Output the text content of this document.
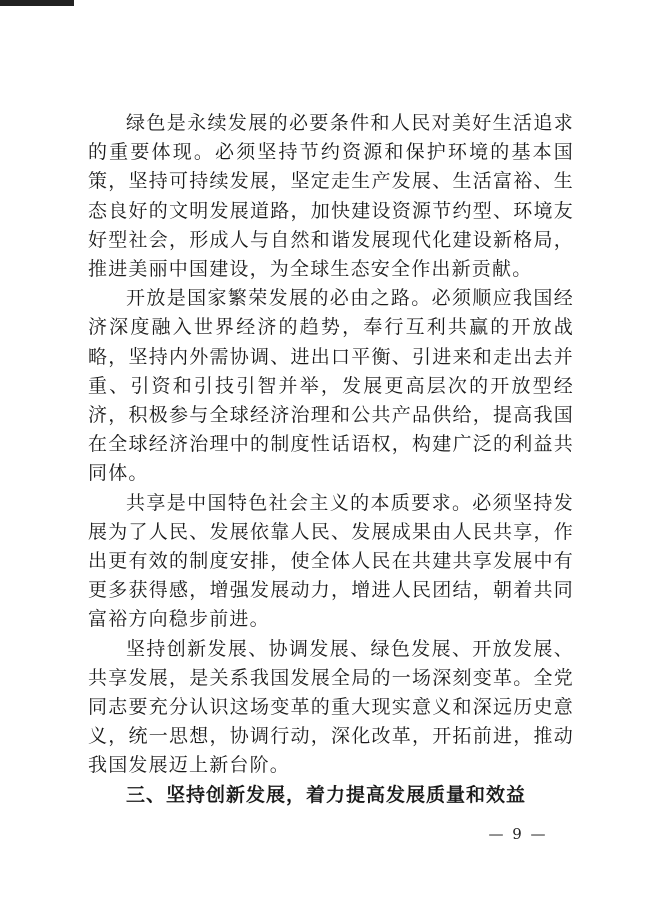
绿色是永续发展的必要条件和人民对美好生活追求的重要体现。必须坚持节约资源和保护环境的基本国策，坚持可持续发展，坚定走生产发展、生活富裕、生态良好的文明发展道路，加快建设资源节约型、环境友好型社会，形成人与自然和谐发展现代化建设新格局，推进美丽中国建设，为全球生态安全作出新贡献。

开放是国家繁荣发展的必由之路。必须顺应我国经济深度融入世界经济的趋势，奉行互利共赢的开放战略，坚持内外需协调、进出口平衡、引进来和走出去并重、引资和引技引智并举，发展更高层次的开放型经济，积极参与全球经济治理和公共产品供给，提高我国在全球经济治理中的制度性话语权，构建广泛的利益共同体。

共享是中国特色社会主义的本质要求。必须坚持发展为了人民、发展依靠人民、发展成果由人民共享，作出更有效的制度安排，使全体人民在共建共享发展中有更多获得感，增强发展动力，增进人民团结，朝着共同富裕方向稳步前进。

坚持创新发展、协调发展、绿色发展、开放发展、共享发展，是关系我国发展全局的一场深刻变革。全党同志要充分认识这场变革的重大现实意义和深远历史意义，统一思想，协调行动，深化改革，开拓前进，推动我国发展迈上新台阶。

三、坚持创新发展，着力提高发展质量和效益

— 9 —
